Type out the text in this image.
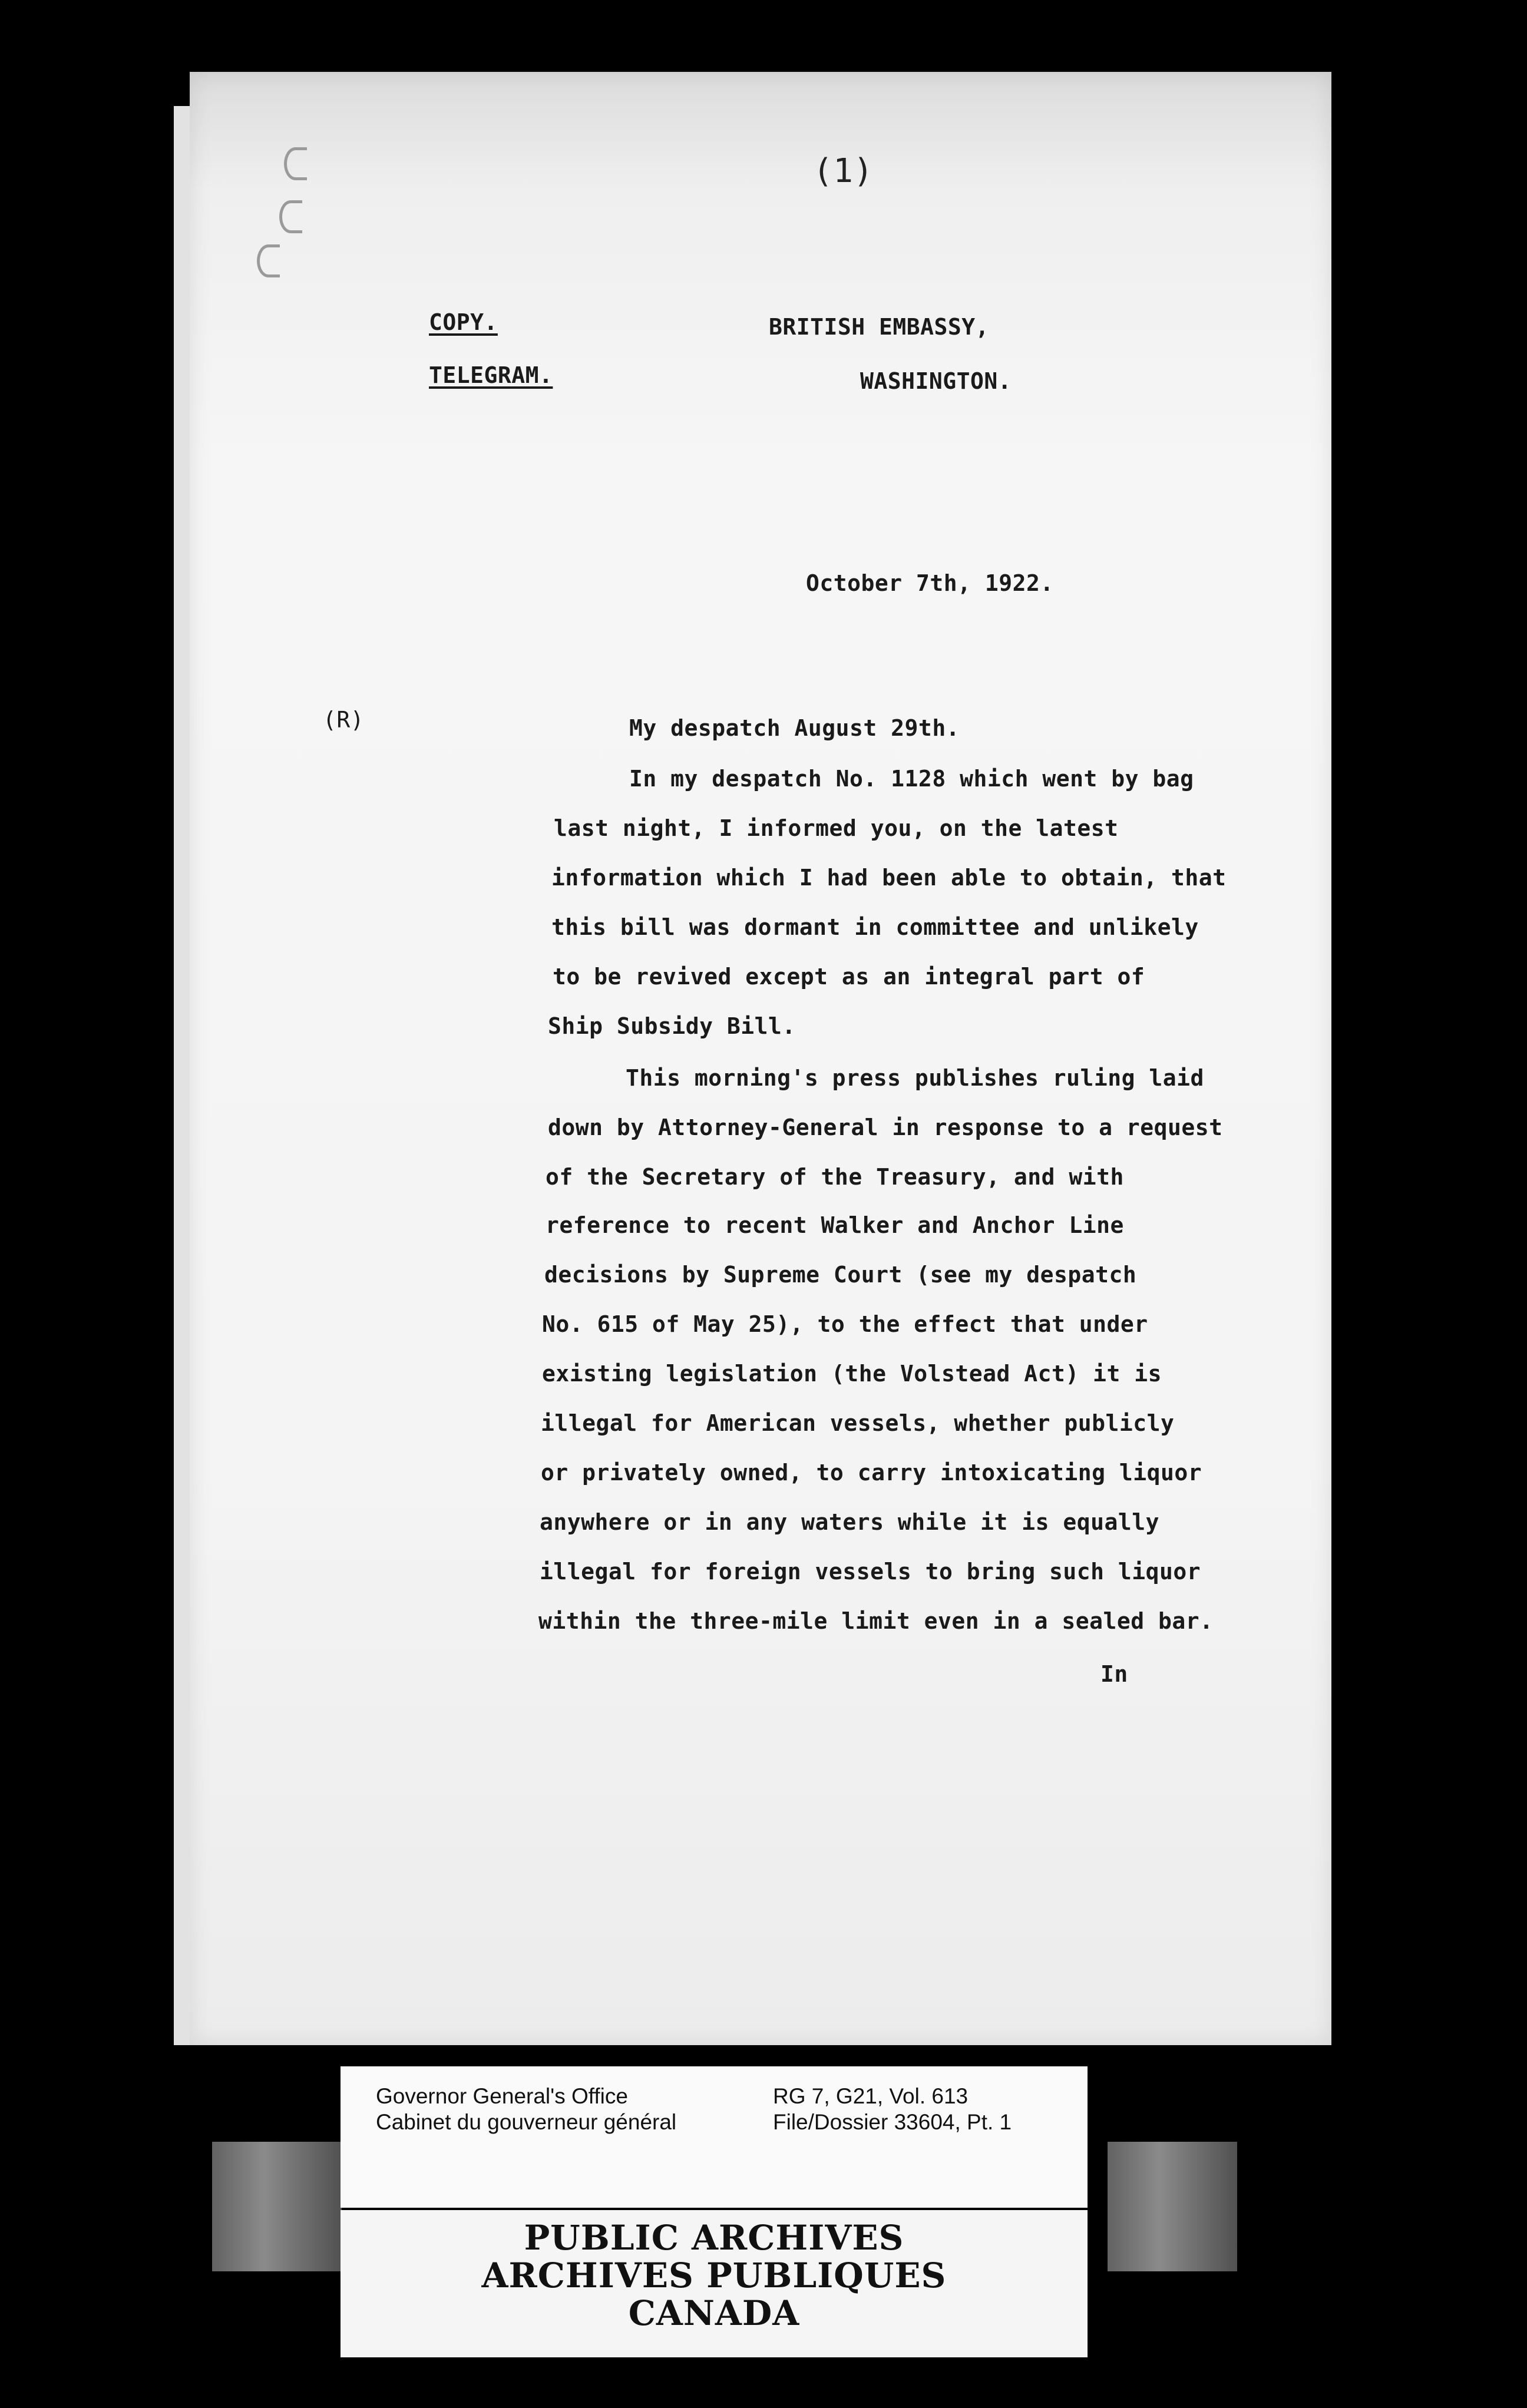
(1)
COPY.
TELEGRAM.
BRITISH EMBASSY,
WASHINGTON.
October 7th, 1922.
(R)	My despatch August 29th.
In my despatch No. 1128 which went by bag
last night, I informed you, on the latest
information which I had been able to obtain, that
this bill was dormant in committee and unlikely
to be revived except as an integral part of
Ship Subsidy Bill.
This morning's press publishes ruling laid
down by Attorney-General in response to a request
of the Secretary of the Treasury, and with
reference to recent Walker and Anchor Line
decisions by Supreme Court (see my despatch
No. 615 of May 25), to the effect that under
existing legislation (the Volstead Act) it is
illegal for American vessels, whether publicly
or privately owned, to carry intoxicating liquor
anywhere or in any waters while it is equally
illegal for foreign vessels to bring such liquor
within the three-mile limit even in a sealed bar.
In
Governor General's Office
Cabinet du gouverneur général
RG 7, G21, Vol. 613
File/Dossier 33604, Pt. 1
PUBLIC ARCHIVES
ARCHIVES PUBLIQUES
CANADA
